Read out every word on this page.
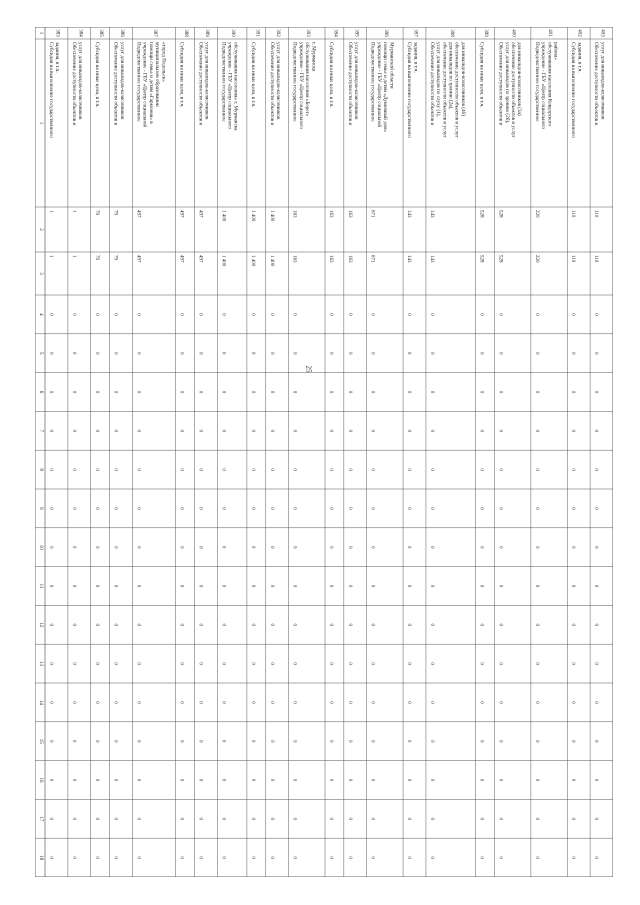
25
1
2
3
4
5
6
7
8
9
10
11
12
13
14
15
16
17
18
1 383
Субсидия на выполнение государственного задания, в т.ч.
1
1
0
0
0
0
0
0
0
0
0
0
0
0
0
0
0
384
Обеспечение доступности объектов и услуг для инвалидов-колясочников
1
1
0
0
0
0
0
0
0
0
0
0
0
0
0
0
0
385
Субсидия на иные цели, в т.ч.
79
79
0
0
0
0
0
0
0
0
0
0
0
0
0
0
0
386
Обеспечение доступности объектов и услуг для инвалидов-колясочников
79
79
0
0
0
0
0
0
0
0
0
0
0
0
0
0
0
387
Подведомственное государственное учреждение - ГБУ «Центр социальной помощи семье и детям «Гармония» в муниципальном образовании «город Подольск»
497
497
0
0
0
0
0
0
0
0
0
0
0
0
0
0
0
388
Субсидия на иные цели, в т.ч.
497
497
0
0
0
0
0
0
0
0
0
0
0
0
0
0
0
389
Обеспечение доступности объектов и услуг для инвалидов-колясочников
497
497
0
0
0
0
0
0
0
0
0
0
0
0
0
0
0
390
Подведомственное государственное учреждение - ГБУ «Центр социального обслуживания населения» г. Мурманска
1 400
1 400
0
0
0
0
0
0
0
0
0
0
0
0
0
0
0
391
Субсидия на иные цели, в т.ч.
1 400
1 400
0
0
0
0
0
0
0
0
0
0
0
0
0
0
0
392
Обеспечение доступности объектов и услуг для инвалидов-колясочников
1 400
1 400
0
0
0
0
0
0
0
0
0
0
0
0
0
0
0
393
Подведомственное государственное учреждение - ГБУ «Центр социального обслуживания населения «Берег» г. Мурманска
163
163
0
0
0
0
0
0
0
0
0
0
0
0
0
0
0
394
Субсидия на иные цели, в т.ч.
163
163
0
0
0
0
0
0
0
0
0
0
0
0
0
0
0
395
Обеспечение доступности объектов и услуг для инвалидов-колясочников
163
163
0
0
0
0
0
0
0
0
0
0
0
0
0
0
0
396
Подведомственное государственное учреждение - ГБУ «Центр социальной помощи семье и детям «Душевный дом» Мурманской области
671
671
0
0
0
0
0
0
0
0
0
0
0
0
0
0
0
397
Субсидия на выполнение государственного задания, в т.ч.
143
143
0
0
0
0
0
0
0
0
0
0
0
0
0
0
0
398
Обеспечение доступности объектов и услуг для инвалидов по слуху (1), обеспечение доступности объектов и услуг для инвалидов по зрению (2а), обеспечение доступности объектов и услуг для инвалидов-колясочников (4б)
143
143
0
0
0
0
0
0
0
0
0
0
0
0
0
0
0
399
Субсидия на иные цели, в т.ч.
528
528
0
0
0
0
0
0
0
0
0
0
0
0
0
0
0
400
Обеспечение доступности объектов и услуг для инвалидов по зрению (2б), обеспечение доступности объектов и услуг для инвалидов-колясочников (3а)
528
528
0
0
0
0
0
0
0
0
0
0
0
0
0
0
0
401
Подведомственное государственное учреждение - ГБУ «Центр социального обслуживания населения Ковдорского района»
220
220
0
0
0
0
0
0
0
0
0
0
0
0
0
0
0
402
Субсидия на выполнение государственного задания, в т.ч.
110
110
0
0
0
0
0
0
0
0
0
0
0
0
0
0
0
403
Обеспечение доступности объектов и услуг для инвалидов-колясочников
110
110
0
0
0
0
0
0
0
0
0
0
0
0
0
0
0
